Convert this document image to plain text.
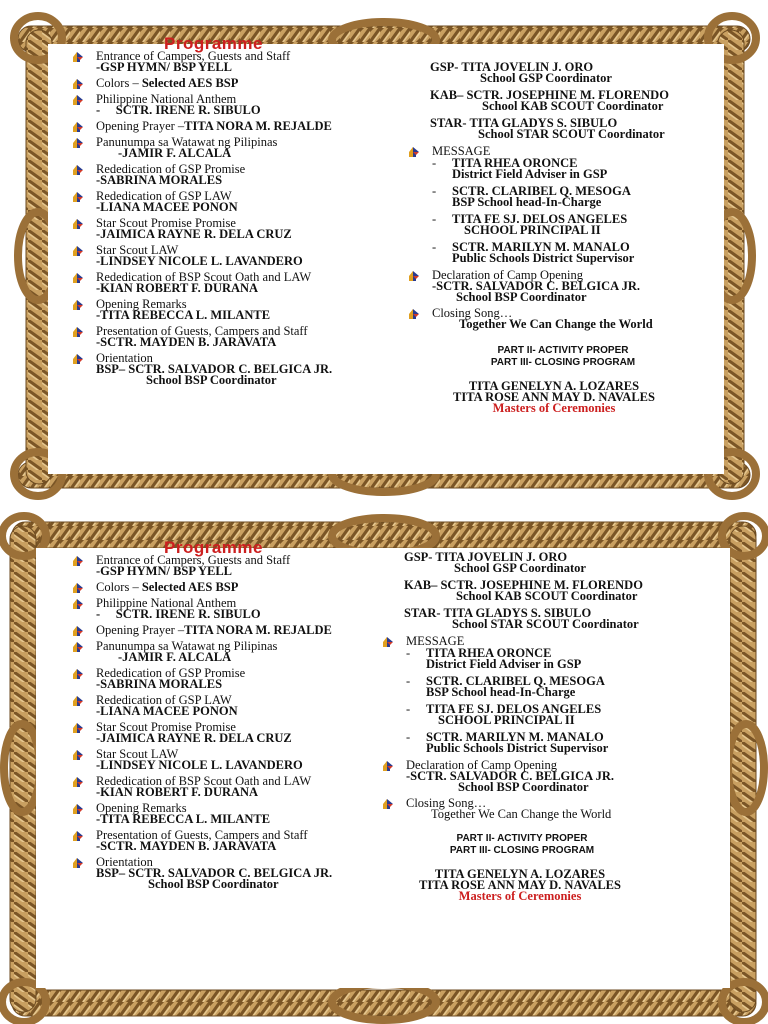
Programme
Entrance of Campers, Guests and Staff
-GSP HYMN/ BSP YELL
Colors – Selected AES BSP
Philippine National Anthem
-     SCTR. IRENE R. SIBULO
Opening Prayer –TITA NORA M. REJALDE
Panunumpa sa Watawat ng Pilipinas
-JAMIR F. ALCALA
Rededication of GSP Promise
-SABRINA MORALES
Rededication of GSP LAW
-LIANA MACEE PONON
Star Scout Promise Promise
-JAIMICA RAYNE R. DELA CRUZ
Star Scout LAW
-LINDSEY NICOLE L. LAVANDERO
Rededication of BSP Scout Oath and LAW
-KIAN ROBERT F. DURANA
Opening Remarks
-TITA REBECCA L. MILANTE
Presentation of Guests, Campers and Staff
-SCTR. MAYDEN B. JARAVATA
Orientation
BSP– SCTR. SALVADOR C. BELGICA JR.
School BSP Coordinator
GSP- TITA JOVELIN J. ORO
School GSP Coordinator
KAB– SCTR. JOSEPHINE M. FLORENDO
School KAB SCOUT Coordinator
STAR- TITA GLADYS S. SIBULO
School STAR SCOUT Coordinator
MESSAGE
- TITA RHEA ORONCE
District Field Adviser in GSP
- SCTR. CLARIBEL Q. MESOGA
BSP School head-In-Charge
- TITA FE SJ. DELOS ANGELES
SCHOOL PRINCIPAL II
- SCTR. MARILYN M. MANALO
Public Schools District Supervisor
Declaration of Camp Opening
-SCTR. SALVADOR C. BELGICA JR.
School BSP Coordinator
Closing Song…
Together We Can Change the World
PART II- ACTIVITY PROPER
PART III- CLOSING PROGRAM
TITA GENELYN A. LOZARES
TITA ROSE ANN MAY D. NAVALES
Masters of Ceremonies
Programme
Entrance of Campers, Guests and Staff
-GSP HYMN/ BSP YELL
Colors – Selected AES BSP
Philippine National Anthem
-     SCTR. IRENE R. SIBULO
Opening Prayer –TITA NORA M. REJALDE
Panunumpa sa Watawat ng Pilipinas
-JAMIR F. ALCALA
Rededication of GSP Promise
-SABRINA MORALES
Rededication of GSP LAW
-LIANA MACEE PONON
Star Scout Promise Promise
-JAIMICA RAYNE R. DELA CRUZ
Star Scout LAW
-LINDSEY NICOLE L. LAVANDERO
Rededication of BSP Scout Oath and LAW
-KIAN ROBERT F. DURANA
Opening Remarks
-TITA REBECCA L. MILANTE
Presentation of Guests, Campers and Staff
-SCTR. MAYDEN B. JARAVATA
Orientation
BSP– SCTR. SALVADOR C. BELGICA JR.
School BSP Coordinator
GSP- TITA JOVELIN J. ORO
School GSP Coordinator
KAB– SCTR. JOSEPHINE M. FLORENDO
School KAB SCOUT Coordinator
STAR- TITA GLADYS S. SIBULO
School STAR SCOUT Coordinator
MESSAGE
- TITA RHEA ORONCE
District Field Adviser in GSP
- SCTR. CLARIBEL Q. MESOGA
BSP School head-In-Charge
- TITA FE SJ. DELOS ANGELES
SCHOOL PRINCIPAL II
- SCTR. MARILYN M. MANALO
Public Schools District Supervisor
Declaration of Camp Opening
-SCTR. SALVADOR C. BELGICA JR.
School BSP Coordinator
Closing Song…
Together We Can Change the World
PART II- ACTIVITY PROPER
PART III- CLOSING PROGRAM
TITA GENELYN A. LOZARES
TITA ROSE ANN MAY D. NAVALES
Masters of Ceremonies
